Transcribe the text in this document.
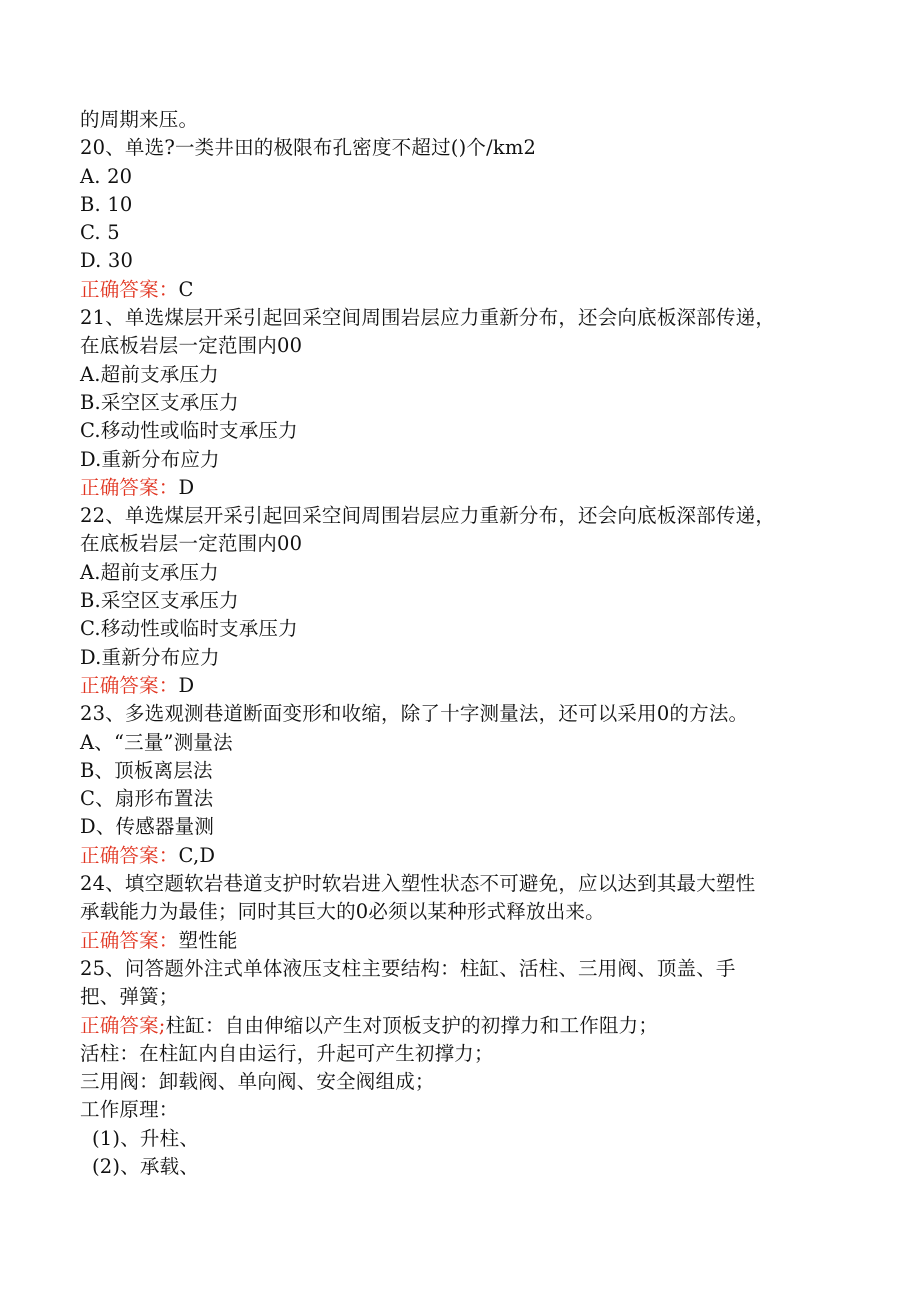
的周期来压。
20、单选?一类井田的极限布孔密度不超过()个/km2
A. 20
B. 10
C. 5
D. 30
正确答案：C
21、单选煤层开采引起回采空间周围岩层应力重新分布，还会向底板深部传递，
在底板岩层一定范围内00
A.超前支承压力
B.采空区支承压力
C.移动性或临时支承压力
D.重新分布应力
正确答案：D
22、单选煤层开采引起回采空间周围岩层应力重新分布，还会向底板深部传递，
在底板岩层一定范围内00
A.超前支承压力
B.采空区支承压力
C.移动性或临时支承压力
D.重新分布应力
正确答案：D
23、多选观测巷道断面变形和收缩，除了十字测量法，还可以采用0的方法。
A、“三量”测量法
B、顶板离层法
C、扇形布置法
D、传感器量测
正确答案：C,D
24、填空题软岩巷道支护时软岩进入塑性状态不可避免，应以达到其最大塑性
承载能力为最佳；同时其巨大的0必须以某种形式释放出来。
正确答案：塑性能
25、问答题外注式单体液压支柱主要结构：柱缸、活柱、三用阀、顶盖、手
把、弹簧；
正确答案;柱缸：自由伸缩以产生对顶板支护的初撑力和工作阻力；
活柱：在柱缸内自由运行，升起可产生初撑力；
三用阀：卸载阀、单向阀、安全阀组成；
工作原理：
(1)、升柱、
(2)、承载、
